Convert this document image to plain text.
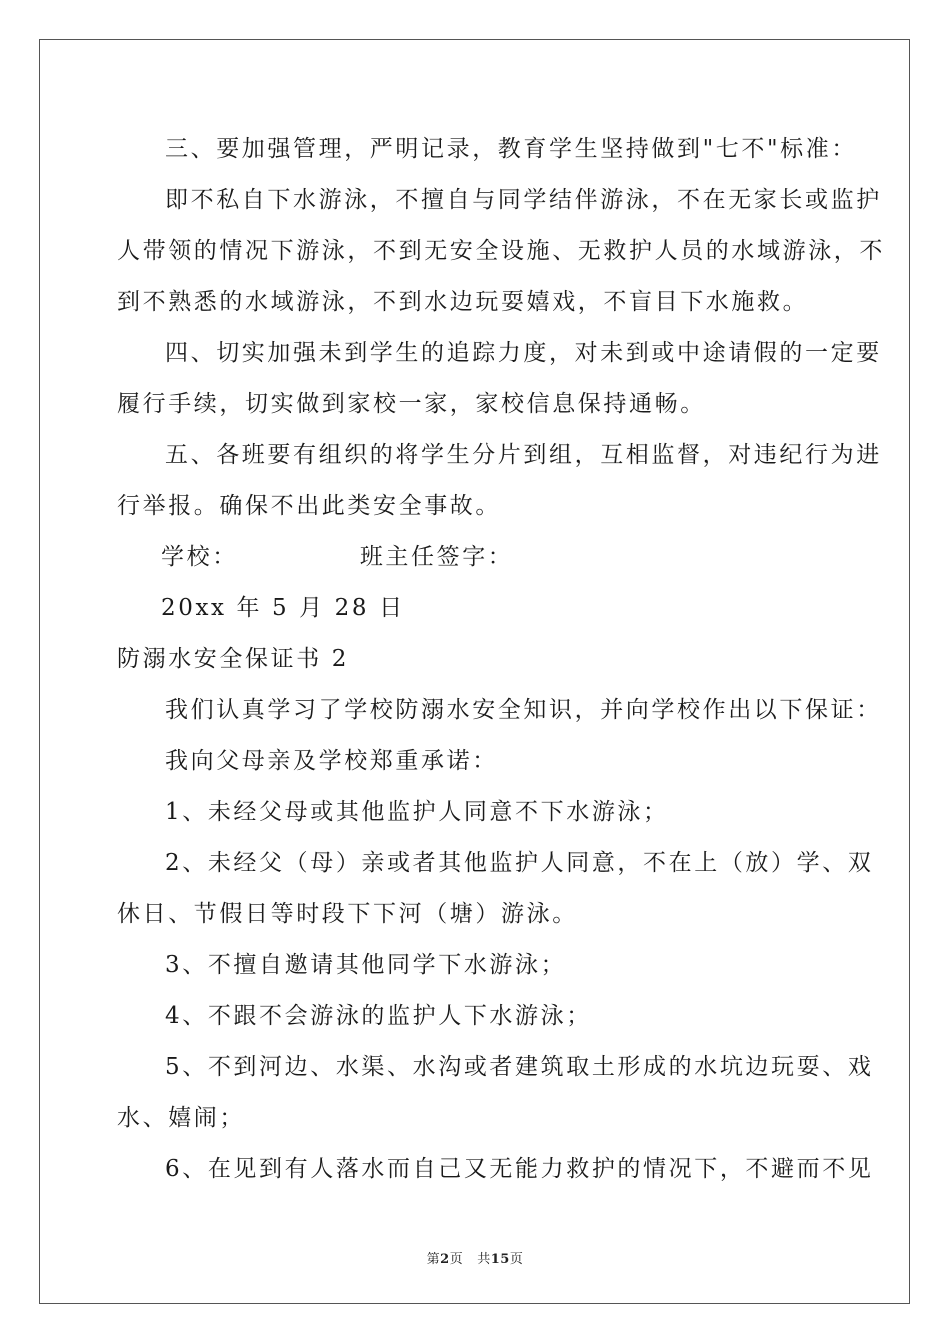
三、要加强管理，严明记录，教育学生坚持做到"七不"标准：

即不私自下水游泳，不擅自与同学结伴游泳，不在无家长或监护

人带领的情况下游泳，不到无安全设施、无救护人员的水域游泳，不

到不熟悉的水域游泳，不到水边玩耍嬉戏，不盲目下水施救。

四、切实加强未到学生的追踪力度，对未到或中途请假的一定要

履行手续，切实做到家校一家，家校信息保持通畅。

五、各班要有组织的将学生分片到组，互相监督，对违纪行为进

行举报。确保不出此类安全事故。

学校：	班主任签字：

20xx 年 5 月 28 日

防溺水安全保证书 2

我们认真学习了学校防溺水安全知识，并向学校作出以下保证：

我向父母亲及学校郑重承诺：

1、未经父母或其他监护人同意不下水游泳；

2、未经父（母）亲或者其他监护人同意，不在上（放）学、双

休日、节假日等时段下下河（塘）游泳。

3、不擅自邀请其他同学下水游泳；

4、不跟不会游泳的监护人下水游泳；

5、不到河边、水渠、水沟或者建筑取土形成的水坑边玩耍、戏

水、嬉闹；

6、在见到有人落水而自己又无能力救护的情况下，不避而不见

第2页 共15页
